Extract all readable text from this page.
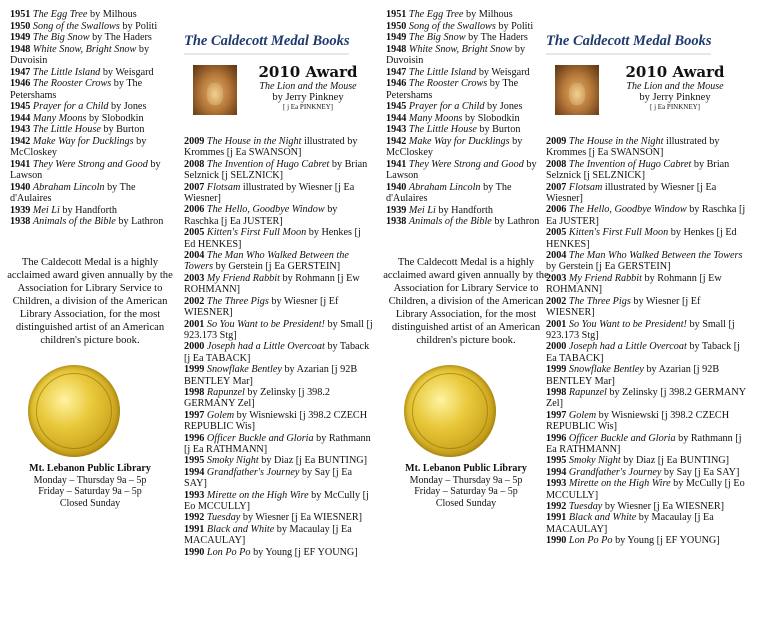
1951 The Egg Tree by Milhous
1950 Song of the Swallows by Politi
1949 The Big Snow by The Haders
1948 White Snow, Bright Snow by Duvoisin
1947 The Little Island by Weisgard
1946 The Rooster Crows by The Petershams
1945 Prayer for a Child by Jones
1944 Many Moons by Slobodkin
1943 The Little House by Burton
1942 Make Way for Ducklings by McCloskey
1941 They Were Strong and Good by Lawson
1940 Abraham Lincoln by The d'Aulaires
1939 Mei Li by Handforth
1938 Animals of the Bible by Lathron
The Caldecott Medal is a highly acclaimed award given annually by the Association for Library Service to Children, a division of the American Library Association, for the most distinguished artist of an American children's picture book.
Mt. Lebanon Public Library
Monday – Thursday 9a – 5p
Friday – Saturday 9a – 5p
Closed Sunday
The Caldecott Medal Books
2010 Award
The Lion and the Mouse
by Jerry Pinkney
[ j Ea PINKNEY]
2009 The House in the Night illustrated by Krommes [j Ea SWANSON]
2008 The Invention of Hugo Cabret by Brian Selznick [j SELZNICK]
2007 Flotsam illustrated by Wiesner [j Ea Wiesner]
2006 The Hello, Goodbye Window by Raschka [j Ea JUSTER]
2005 Kitten's First Full Moon by Henkes [j Ed HENKES]
2004 The Man Who Walked Between the Towers by Gerstein [j Ea GERSTEIN]
2003 My Friend Rabbit by Rohmann [j Ew ROHMANN]
2002 The Three Pigs by Wiesner [j Ef WIESNER]
2001 So You Want to be President! by Small [j 923.173 Stg]
2000 Joseph had a Little Overcoat by Taback [j Ea TABACK]
1999 Snowflake Bentley by Azarian [j 92B BENTLEY Mar]
1998 Rapunzel by Zelinsky [j 398.2 GERMANY Zel]
1997 Golem by Wisniewski [j 398.2 CZECH REPUBLIC Wis]
1996 Officer Buckle and Gloria by Rathmann [j Ea RATHMANN]
1995 Smoky Night by Diaz [j Ea BUNTING]
1994 Grandfather's Journey by Say [j Ea SAY]
1993 Mirette on the High Wire by McCully [j Eo MCCULLY]
1992 Tuesday by Wiesner [j Ea WIESNER]
1991 Black and White by Macaulay [j Ea MACAULAY]
1990 Lon Po Po by Young [j EF YOUNG]
1951 The Egg Tree by Milhous
1950 Song of the Swallows by Politi
1949 The Big Snow by The Haders
1948 White Snow, Bright Snow by Duvoisin
1947 The Little Island by Weisgard
1946 The Rooster Crows by The Petershams
1945 Prayer for a Child by Jones
1944 Many Moons by Slobodkin
1943 The Little House by Burton
1942 Make Way for Ducklings by McCloskey
1941 They Were Strong and Good by Lawson
1940 Abraham Lincoln by The d'Aulaires
1939 Mei Li by Handforth
1938 Animals of the Bible by Lathron
The Caldecott Medal is a highly acclaimed award given annually by the Association for Library Service to Children, a division of the American Library Association, for the most distinguished artist of an American children's picture book.
Mt. Lebanon Public Library
Monday – Thursday 9a – 5p
Friday – Saturday 9a – 5p
Closed Sunday
The Caldecott Medal Books
2010 Award
The Lion and the Mouse
by Jerry Pinkney
[ j Ea PINKNEY]
2009 The House in the Night illustrated by Krommes [j Ea SWANSON]
2008 The Invention of Hugo Cabret by Brian Selznick [j SELZNICK]
2007 Flotsam illustrated by Wiesner [j Ea Wiesner]
2006 The Hello, Goodbye Window by Raschka [j Ea JUSTER]
2005 Kitten's First Full Moon by Henkes [j Ed HENKES]
2004 The Man Who Walked Between the Towers by Gerstein [j Ea GERSTEIN]
2003 My Friend Rabbit by Rohmann [j Ew ROHMANN]
2002 The Three Pigs by Wiesner [j Ef WIESNER]
2001 So You Want to be President! by Small [j 923.173 Stg]
2000 Joseph had a Little Overcoat by Taback [j Ea TABACK]
1999 Snowflake Bentley by Azarian [j 92B BENTLEY Mar]
1998 Rapunzel by Zelinsky [j 398.2 GERMANY Zel]
1997 Golem by Wisniewski [j 398.2 CZECH REPUBLIC Wis]
1996 Officer Buckle and Gloria by Rathmann [j Ea RATHMANN]
1995 Smoky Night by Diaz [j Ea BUNTING]
1994 Grandfather's Journey by Say [j Ea SAY]
1993 Mirette on the High Wire by McCully [j Eo MCCULLY]
1992 Tuesday by Wiesner [j Ea WIESNER]
1991 Black and White by Macaulay [j Ea MACAULAY]
1990 Lon Po Po by Young [j EF YOUNG]
